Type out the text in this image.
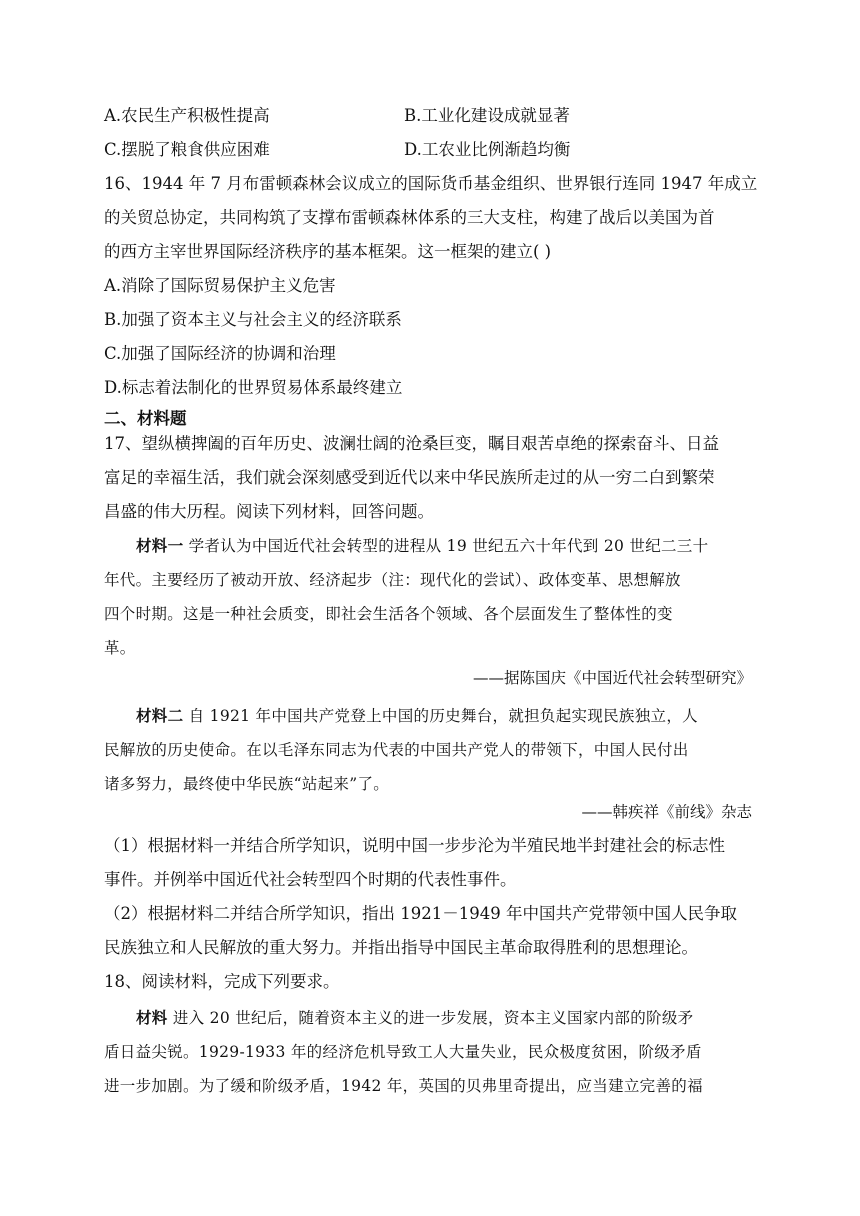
A.农民生产积极性提高	B.工业化建设成就显著
C.摆脱了粮食供应困难	D.工农业比例渐趋均衡
16、1944 年 7 月布雷顿森林会议成立的国际货币基金组织、世界银行连同 1947 年成立
的关贸总协定，共同构筑了支撑布雷顿森林体系的三大支柱，构建了战后以美国为首
的西方主宰世界国际经济秩序的基本框架。这一框架的建立( )
A.消除了国际贸易保护主义危害
B.加强了资本主义与社会主义的经济联系
C.加强了国际经济的协调和治理
D.标志着法制化的世界贸易体系最终建立
二、材料题
17、望纵横捭阖的百年历史、波澜壮阔的沧桑巨变，瞩目艰苦卓绝的探索奋斗、日益
富足的幸福生活，我们就会深刻感受到近代以来中华民族所走过的从一穷二白到繁荣
昌盛的伟大历程。阅读下列材料，回答问题。
材料一 学者认为中国近代社会转型的进程从 19 世纪五六十年代到 20 世纪二三十
年代。主要经历了被动开放、经济起步（注：现代化的尝试）、政体变革、思想解放
四个时期。这是一种社会质变，即社会生活各个领域、各个层面发生了整体性的变
革。
——据陈国庆《中国近代社会转型研究》
材料二 自 1921 年中国共产党登上中国的历史舞台，就担负起实现民族独立，人
民解放的历史使命。在以毛泽东同志为代表的中国共产党人的带领下，中国人民付出
诸多努力，最终使中华民族“站起来”了。
——韩疾祥《前线》杂志
（1）根据材料一并结合所学知识，说明中国一步步沦为半殖民地半封建社会的标志性
事件。并例举中国近代社会转型四个时期的代表性事件。
（2）根据材料二并结合所学知识，指出 1921－1949 年中国共产党带领中国人民争取
民族独立和人民解放的重大努力。并指出指导中国民主革命取得胜利的思想理论。
18、阅读材料，完成下列要求。
材料 进入 20 世纪后，随着资本主义的进一步发展，资本主义国家内部的阶级矛
盾日益尖锐。1929-1933 年的经济危机导致工人大量失业，民众极度贫困，阶级矛盾
进一步加剧。为了缓和阶级矛盾，1942 年，英国的贝弗里奇提出，应当建立完善的福
